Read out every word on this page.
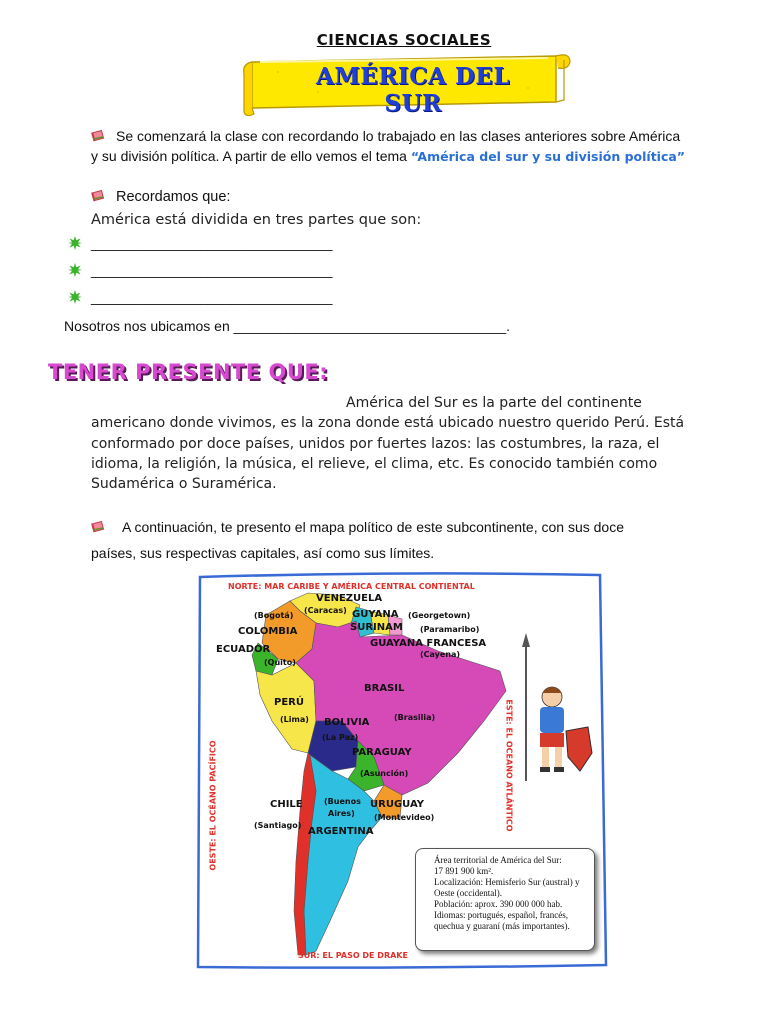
CIENCIAS SOCIALES
AMÉRICA DEL SUR
Se comenzará la clase con recordando lo trabajado en las clases anteriores sobre América
y su división política. A partir de ello vemos el tema “América del sur y su división política”
Recordamos que:
América está dividida en tres partes que son:
_______________________________
_______________________________
_______________________________
Nosotros nos ubicamos en ___________________________________.
TENER PRESENTE QUE:
América del Sur es la parte del continente
americano donde vivimos, es la zona donde está ubicado nuestro querido Perú. Está
conformado por doce países, unidos por fuertes lazos: las costumbres, la raza, el
idioma, la religión, la música, el relieve, el clima, etc. Es conocido también como
Sudamérica o Suramérica.
A continuación, te presento el mapa político de este subcontinente, con sus doce
países, sus respectivas capitales, así como sus límites.
NORTE: MAR CARIBE Y AMÉRICA CENTRAL CONTIENTAL
SUR: EL PASO DE DRAKE
OESTE: EL OCÉANO PACÍFICO	ESTE: EL OCEANO ATLÁNTICO
VENEZUELA
(Caracas) GUYANA (Georgetown)
SURINAM (Paramaribo)
GUAYANA FRANCESA
(Cayena)
(Bogotá)
COLOMBIA
ECUADOR
(Quito)
BRASIL
(Brasilia)
PERÚ
(Lima) BOLIVIA
(La Paz)
PARAGUAY
(Asunción)
CHILE
(Santiago)
(Buenos
Aires)
ARGENTINA
URUGUAY
(Montevideo)
Área territorial de América del Sur:
17 891 900 km².
Localización: Hemisferio Sur (austral) y
Oeste (occidental).
Población: aprox. 390 000 000 hab.
Idiomas: portugués, español, francés,
quechua y guaraní (más importantes).
